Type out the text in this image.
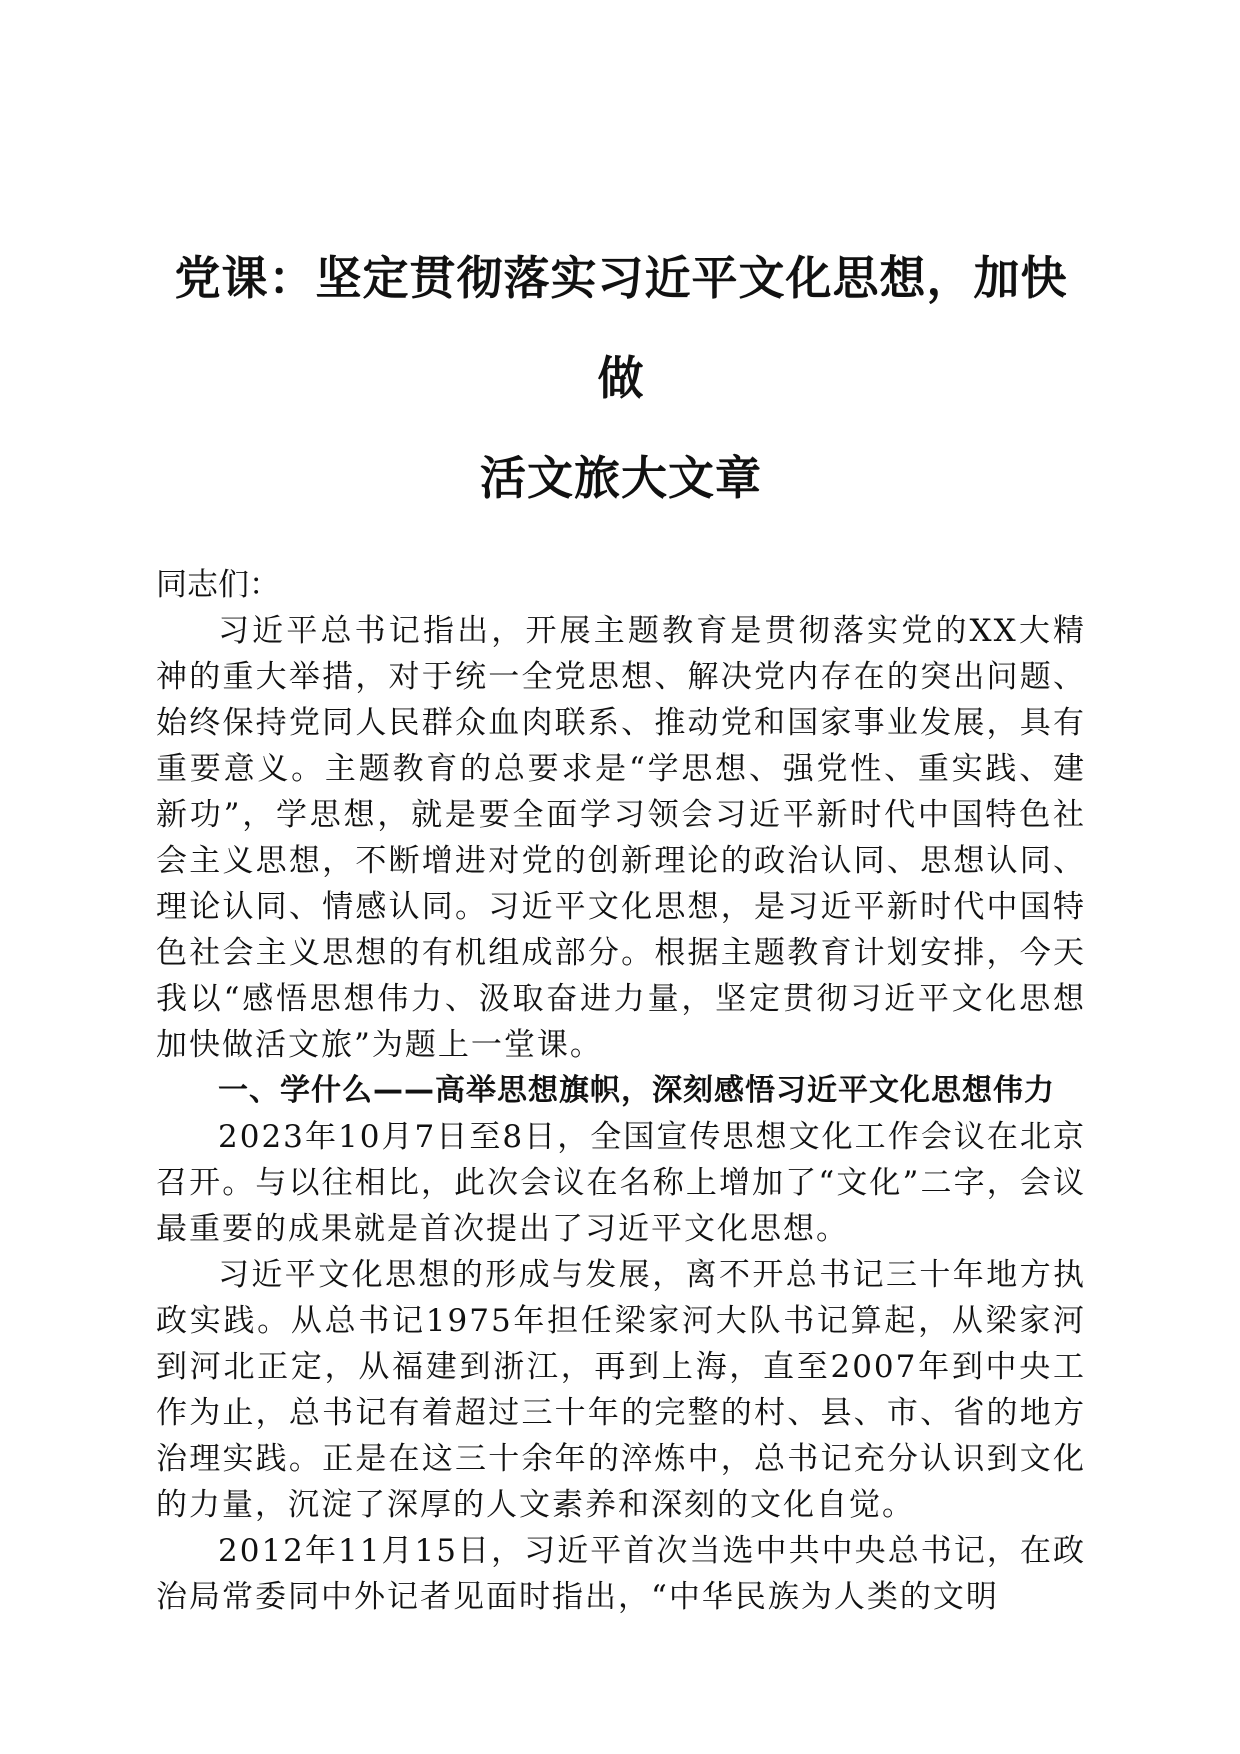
党课：坚定贯彻落实习近平文化思想，加快做
活文旅大文章

同志们：

习近平总书记指出，开展主题教育是贯彻落实党的XX大精神的重大举措，对于统一全党思想、解决党内存在的突出问题、始终保持党同人民群众血肉联系、推动党和国家事业发展，具有重要意义。主题教育的总要求是“学思想、强党性、重实践、建新功”，学思想，就是要全面学习领会习近平新时代中国特色社会主义思想，不断增进对党的创新理论的政治认同、思想认同、理论认同、情感认同。习近平文化思想，是习近平新时代中国特色社会主义思想的有机组成部分。根据主题教育计划安排，今天我以“感悟思想伟力、汲取奋进力量，坚定贯彻习近平文化思想加快做活文旅”为题上一堂课。

一、学什么——高举思想旗帜，深刻感悟习近平文化思想伟力

2023年10月7日至8日，全国宣传思想文化工作会议在北京召开。与以往相比，此次会议在名称上增加了“文化”二字，会议最重要的成果就是首次提出了习近平文化思想。

习近平文化思想的形成与发展，离不开总书记三十年地方执政实践。从总书记1975年担任梁家河大队书记算起，从梁家河到河北正定，从福建到浙江，再到上海，直至2007年到中央工作为止，总书记有着超过三十年的完整的村、县、市、省的地方治理实践。正是在这三十余年的淬炼中，总书记充分认识到文化的力量，沉淀了深厚的人文素养和深刻的文化自觉。

2012年11月15日，习近平首次当选中共中央总书记，在政治局常委同中外记者见面时指出，“中华民族为人类的文明
